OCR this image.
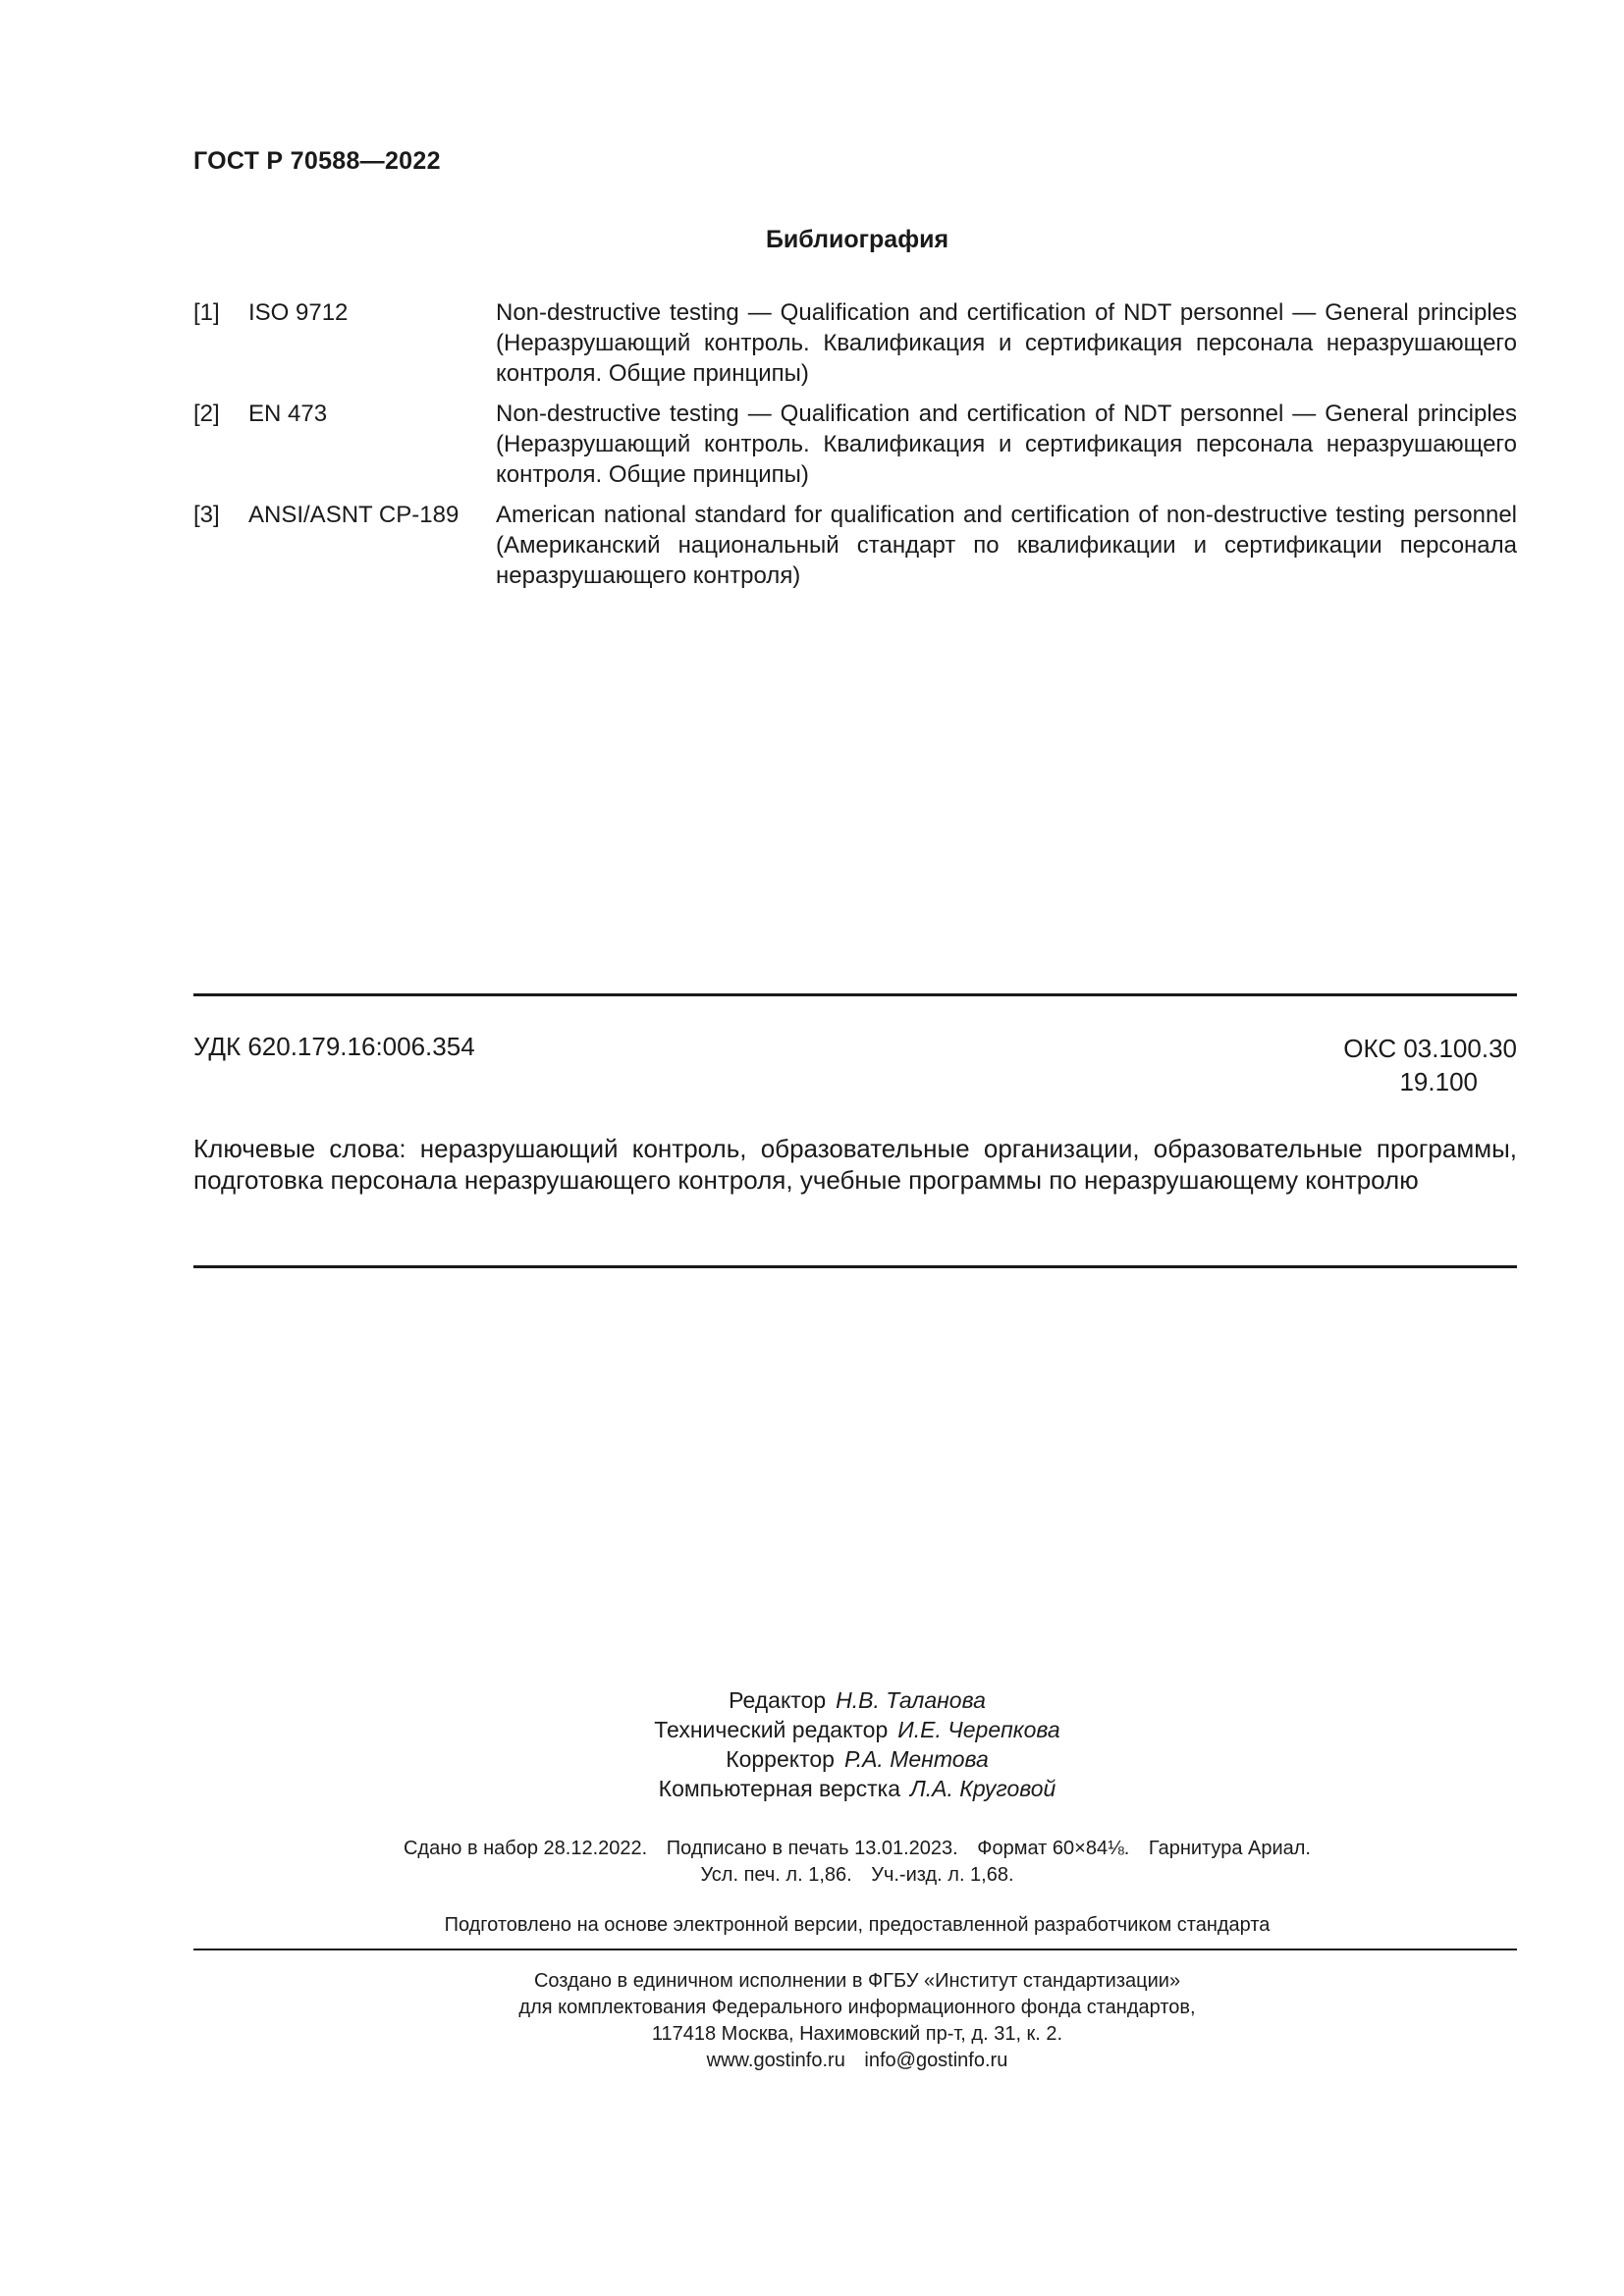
ГОСТ Р 70588—2022
Библиография
[1]	ISO 9712	Non-destructive testing — Qualification and certification of NDT personnel — General principles (Неразрушающий контроль. Квалификация и сертификация персонала неразрушающего контроля. Общие принципы)
[2]	EN 473	Non-destructive testing — Qualification and certification of NDT personnel — General principles (Неразрушающий контроль. Квалификация и сертификация персонала неразрушающего контроля. Общие принципы)
[3]	ANSI/ASNT CP-189	American national standard for qualification and certification of non-destructive testing personnel (Американский национальный стандарт по квалификации и сертификации персонала неразрушающего контроля)
УДК 620.179.16:006.354	ОКС 03.100.30
19.100
Ключевые слова: неразрушающий контроль, образовательные организации, образовательные программы, подготовка персонала неразрушающего контроля, учебные программы по неразрушающему контролю
Редактор Н.В. Таланова
Технический редактор И.Е. Черепкова
Корректор Р.А. Ментова
Компьютерная верстка Л.А. Круговой
Сдано в набор 28.12.2022. Подписано в печать 13.01.2023. Формат 60×84⅛. Гарнитура Ариал.
Усл. печ. л. 1,86. Уч.-изд. л. 1,68.
Подготовлено на основе электронной версии, предоставленной разработчиком стандарта
Создано в единичном исполнении в ФГБУ «Институт стандартизации»
для комплектования Федерального информационного фонда стандартов,
117418 Москва, Нахимовский пр-т, д. 31, к. 2.
www.gostinfo.ru info@gostinfo.ru
